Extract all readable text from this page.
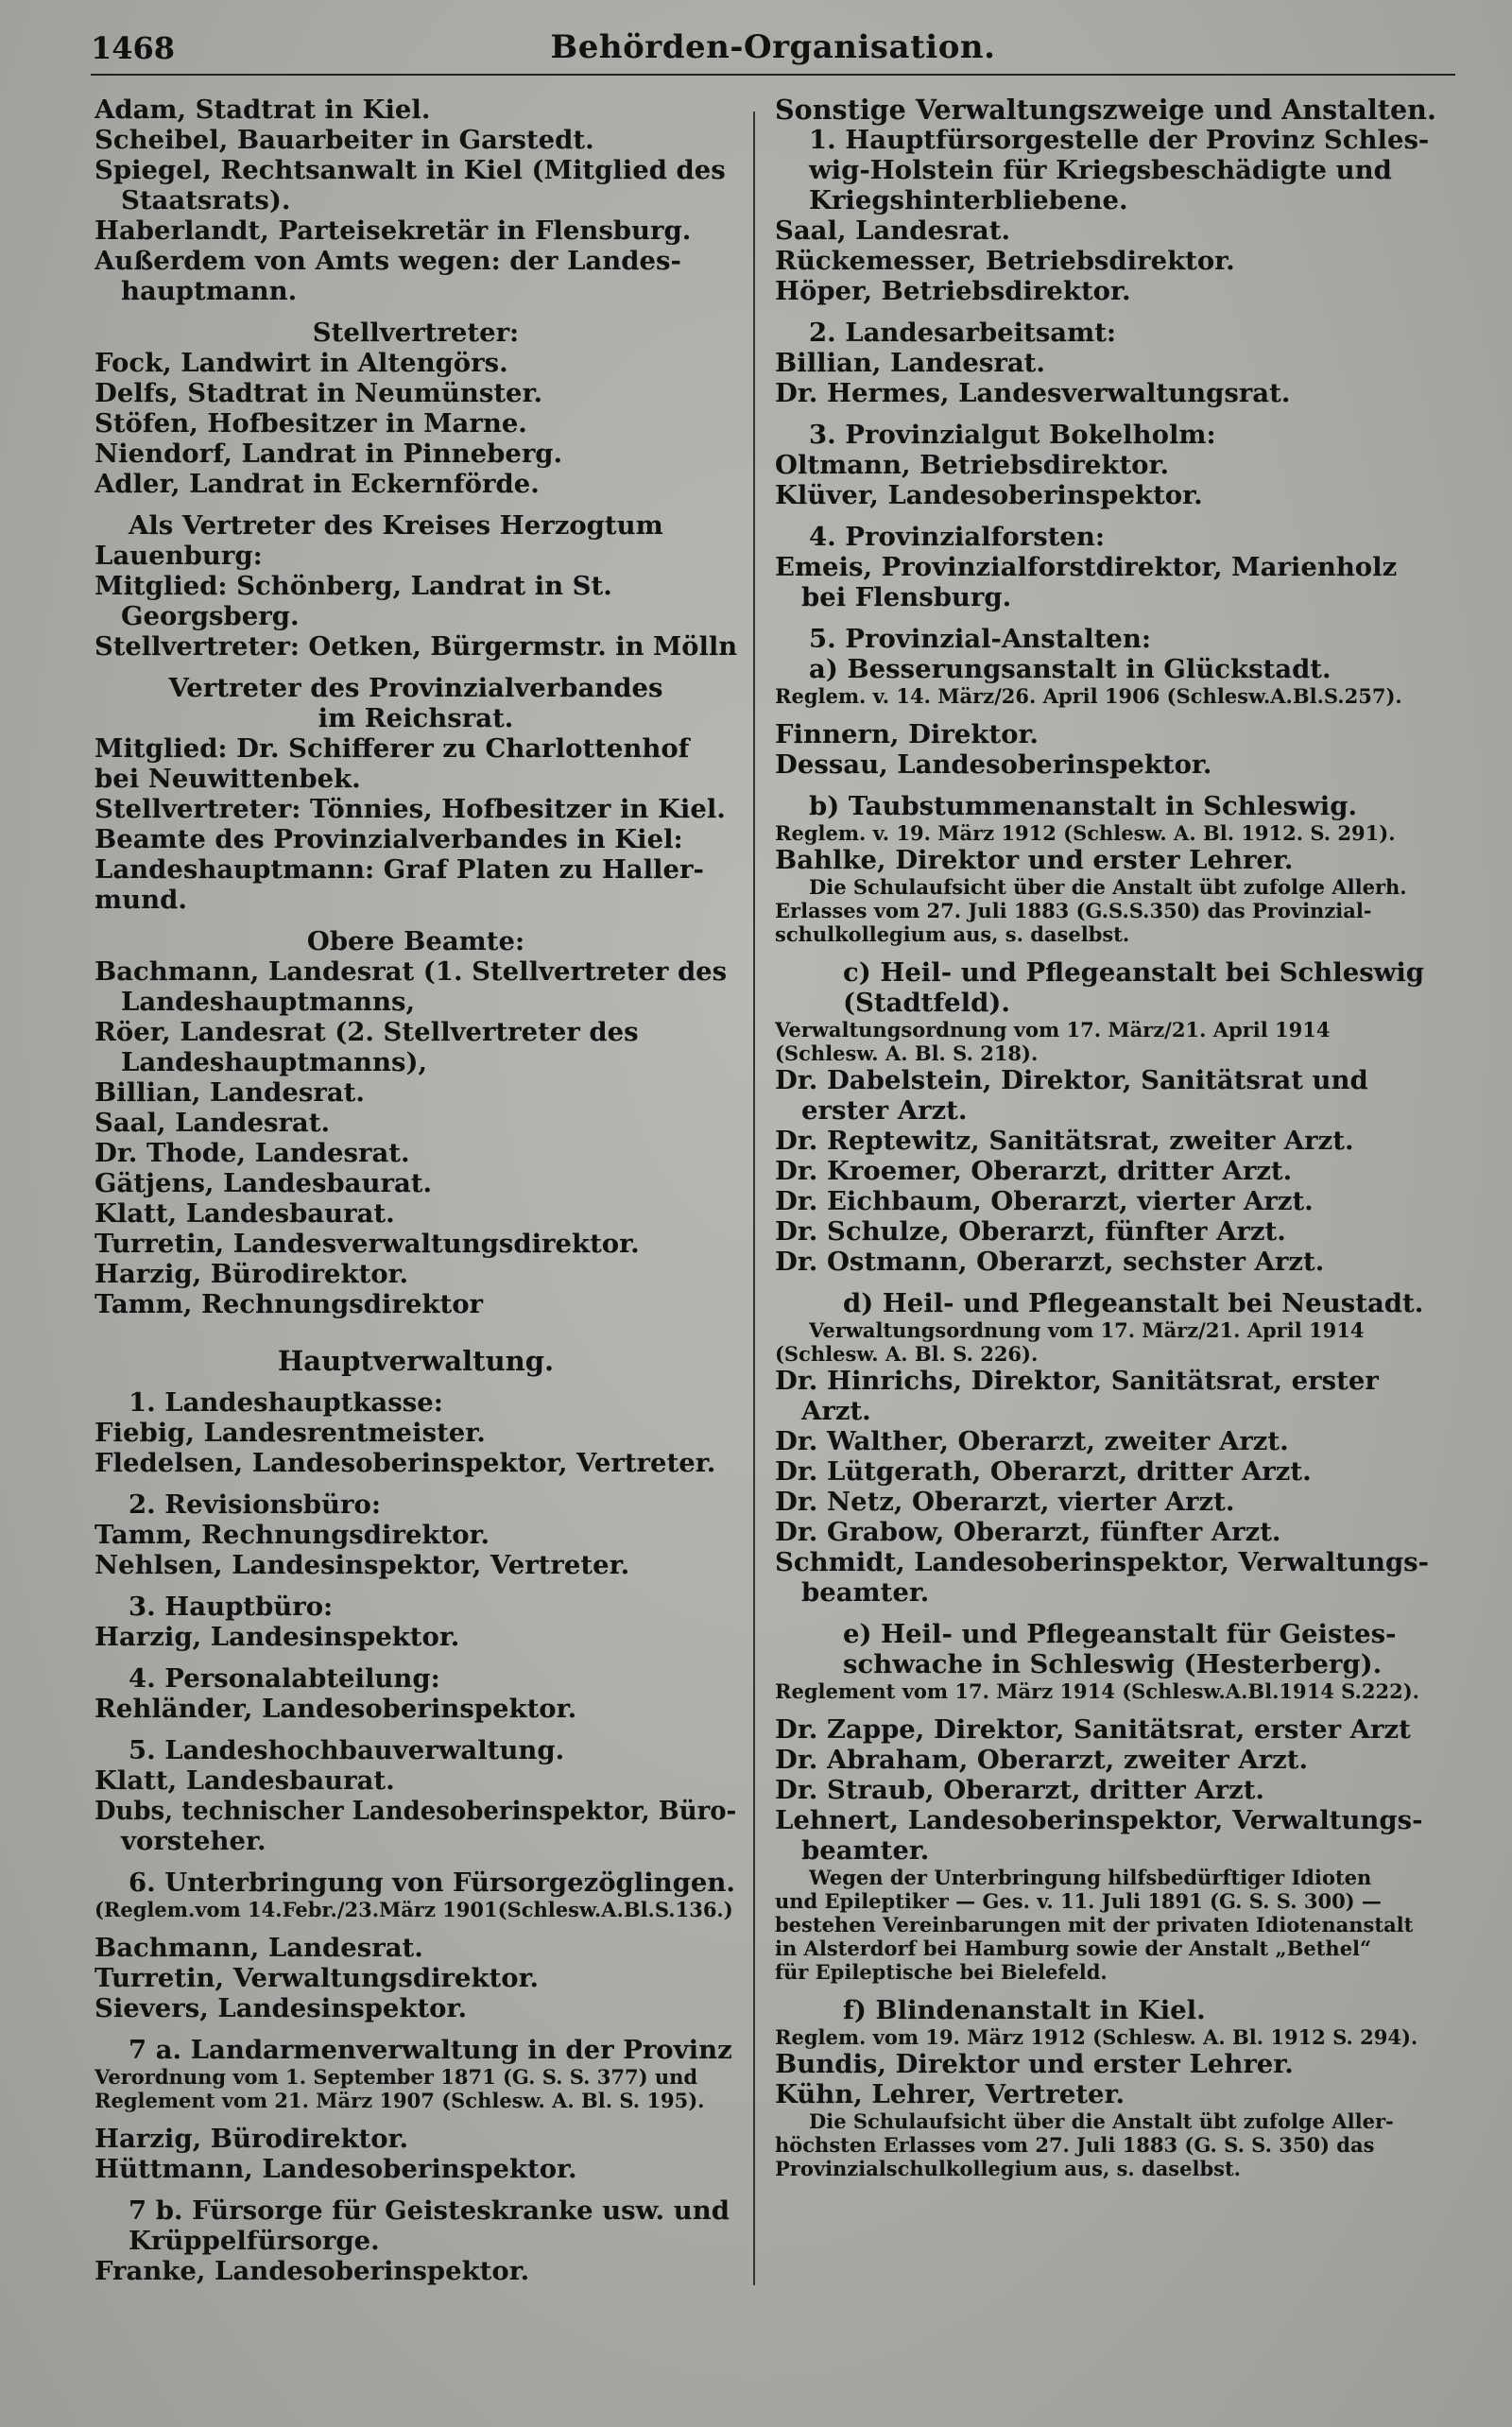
1468	Behörden-Organisation.
Adam, Stadtrat in Kiel.
Scheibel, Bauarbeiter in Garstedt.
Spiegel, Rechtsanwalt in Kiel (Mitglied des
Staatsrats).
Haberlandt, Parteisekretär in Flensburg.
Außerdem von Amts wegen: der Landes-
hauptmann.
Stellvertreter:
Fock, Landwirt in Altengörs.
Delfs, Stadtrat in Neumünster.
Stöfen, Hofbesitzer in Marne.
Niendorf, Landrat in Pinneberg.
Adler, Landrat in Eckernförde.
Als Vertreter des Kreises Herzogtum
Lauenburg:
Mitglied: Schönberg, Landrat in St.
Georgsberg.
Stellvertreter: Oetken, Bürgermstr. in Mölln
Vertreter des Provinzialverbandes
im Reichsrat.
Mitglied: Dr. Schifferer zu Charlottenhof
bei Neuwittenbek.
Stellvertreter: Tönnies, Hofbesitzer in Kiel.
Beamte des Provinzialverbandes in Kiel:
Landeshauptmann: Graf Platen zu Haller-
mund.
Obere Beamte:
Bachmann, Landesrat (1. Stellvertreter des
Landeshauptmanns,
Röer, Landesrat (2. Stellvertreter des
Landeshauptmanns),
Billian, Landesrat.
Saal, Landesrat.
Dr. Thode, Landesrat.
Gätjens, Landesbaurat.
Klatt, Landesbaurat.
Turretin, Landesverwaltungsdirektor.
Harzig, Bürodirektor.
Tamm, Rechnungsdirektor
Hauptverwaltung.
1. Landeshauptkasse:
Fiebig, Landesrentmeister.
Fledelsen, Landesoberinspektor, Vertreter.
2. Revisionsbüro:
Tamm, Rechnungsdirektor.
Nehlsen, Landesinspektor, Vertreter.
3. Hauptbüro:
Harzig, Landesinspektor.
4. Personalabteilung:
Rehländer, Landesoberinspektor.
5. Landeshochbauverwaltung.
Klatt, Landesbaurat.
Dubs, technischer Landesoberinspektor, Büro-
vorsteher.
6. Unterbringung von Fürsorgezöglingen.
(Reglem.vom 14.Febr./23.März 1901(Schlesw.A.Bl.S.136.)
Bachmann, Landesrat.
Turretin, Verwaltungsdirektor.
Sievers, Landesinspektor.
7 a. Landarmenverwaltung in der Provinz
Verordnung vom 1. September 1871 (G. S. S. 377) und
Reglement vom 21. März 1907 (Schlesw. A. Bl. S. 195).
Harzig, Bürodirektor.
Hüttmann, Landesoberinspektor.
7 b. Fürsorge für Geisteskranke usw. und
Krüppelfürsorge.
Franke, Landesoberinspektor.
Sonstige Verwaltungszweige und Anstalten.
1. Hauptfürsorgestelle der Provinz Schles-
wig-Holstein für Kriegsbeschädigte und
Kriegshinterbliebene.
Saal, Landesrat.
Rückemesser, Betriebsdirektor.
Höper, Betriebsdirektor.
2. Landesarbeitsamt:
Billian, Landesrat.
Dr. Hermes, Landesverwaltungsrat.
3. Provinzialgut Bokelholm:
Oltmann, Betriebsdirektor.
Klüver, Landesoberinspektor.
4. Provinzialforsten:
Emeis, Provinzialforstdirektor, Marienholz
bei Flensburg.
5. Provinzial-Anstalten:
a) Besserungsanstalt in Glückstadt.
Reglem. v. 14. März/26. April 1906 (Schlesw.A.Bl.S.257).
Finnern, Direktor.
Dessau, Landesoberinspektor.
b) Taubstummenanstalt in Schleswig.
Reglem. v. 19. März 1912 (Schlesw. A. Bl. 1912. S. 291).
Bahlke, Direktor und erster Lehrer.
Die Schulaufsicht über die Anstalt übt zufolge Allerh.
Erlasses vom 27. Juli 1883 (G.S.S.350) das Provinzial-
schulkollegium aus, s. daselbst.
c) Heil- und Pflegeanstalt bei Schleswig
(Stadtfeld).
Verwaltungsordnung vom 17. März/21. April 1914
(Schlesw. A. Bl. S. 218).
Dr. Dabelstein, Direktor, Sanitätsrat und
erster Arzt.
Dr. Reptewitz, Sanitätsrat, zweiter Arzt.
Dr. Kroemer, Oberarzt, dritter Arzt.
Dr. Eichbaum, Oberarzt, vierter Arzt.
Dr. Schulze, Oberarzt, fünfter Arzt.
Dr. Ostmann, Oberarzt, sechster Arzt.
d) Heil- und Pflegeanstalt bei Neustadt.
Verwaltungsordnung vom 17. März/21. April 1914
(Schlesw. A. Bl. S. 226).
Dr. Hinrichs, Direktor, Sanitätsrat, erster
Arzt.
Dr. Walther, Oberarzt, zweiter Arzt.
Dr. Lütgerath, Oberarzt, dritter Arzt.
Dr. Netz, Oberarzt, vierter Arzt.
Dr. Grabow, Oberarzt, fünfter Arzt.
Schmidt, Landesoberinspektor, Verwaltungs-
beamter.
e) Heil- und Pflegeanstalt für Geistes-
schwache in Schleswig (Hesterberg).
Reglement vom 17. März 1914 (Schlesw.A.Bl.1914 S.222).
Dr. Zappe, Direktor, Sanitätsrat, erster Arzt
Dr. Abraham, Oberarzt, zweiter Arzt.
Dr. Straub, Oberarzt, dritter Arzt.
Lehnert, Landesoberinspektor, Verwaltungs-
beamter.
Wegen der Unterbringung hilfsbedürftiger Idioten
und Epileptiker — Ges. v. 11. Juli 1891 (G. S. S. 300) —
bestehen Vereinbarungen mit der privaten Idiotenanstalt
in Alsterdorf bei Hamburg sowie der Anstalt „Bethel“
für Epileptische bei Bielefeld.
f) Blindenanstalt in Kiel.
Reglem. vom 19. März 1912 (Schlesw. A. Bl. 1912 S. 294).
Bundis, Direktor und erster Lehrer.
Kühn, Lehrer, Vertreter.
Die Schulaufsicht über die Anstalt übt zufolge Aller-
höchsten Erlasses vom 27. Juli 1883 (G. S. S. 350) das
Provinzialschulkollegium aus, s. daselbst.
